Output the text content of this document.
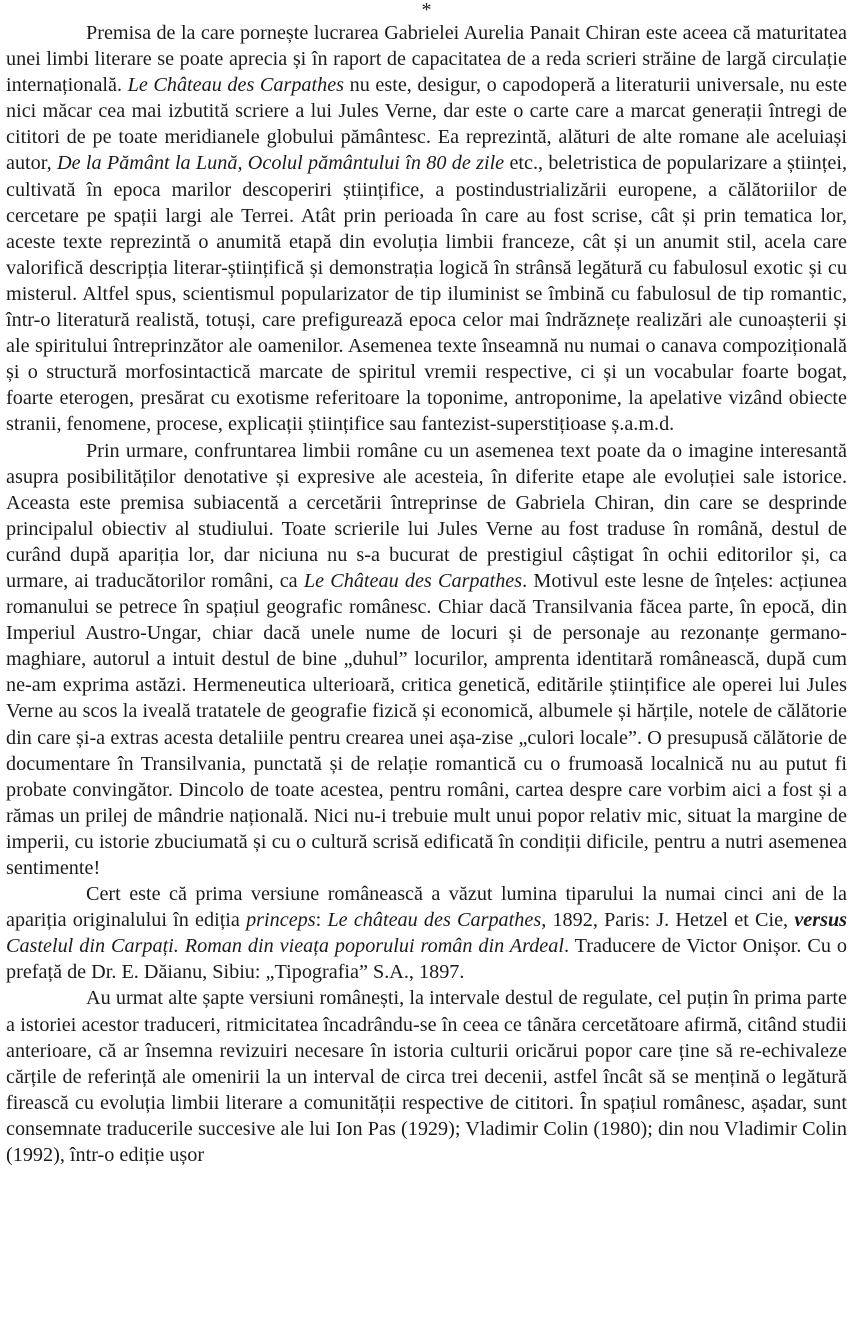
*

Premisa de la care pornește lucrarea Gabrielei Aurelia Panait Chiran este aceea că maturitatea unei limbi literare se poate aprecia și în raport de capacitatea de a reda scrieri străine de largă circulație internațională. Le Château des Carpathes nu este, desigur, o capodoperă a literaturii universale, nu este nici măcar cea mai izbutită scriere a lui Jules Verne, dar este o carte care a marcat generații întregi de cititori de pe toate meridianele globului pământesc. Ea reprezintă, alături de alte romane ale aceluiași autor, De la Pământ la Lună, Ocolul pământului în 80 de zile etc., beletristica de popularizare a științei, cultivată în epoca marilor descoperiri științifice, a postindustrializării europene, a călătoriilor de cercetare pe spații largi ale Terrei. Atât prin perioada în care au fost scrise, cât și prin tematica lor, aceste texte reprezintă o anumită etapă din evoluția limbii franceze, cât și un anumit stil, acela care valorifică descripția literar-științifică și demonstrația logică în strânsă legătură cu fabulosul exotic și cu misterul. Altfel spus, scientismul popularizator de tip iluminist se îmbină cu fabulosul de tip romantic, într-o literatură realistă, totuși, care prefigurează epoca celor mai îndrăznețe realizări ale cunoașterii și ale spiritului întreprinzător ale oamenilor. Asemenea texte înseamnă nu numai o canava compozițională și o structură morfosintactică marcate de spiritul vremii respective, ci și un vocabular foarte bogat, foarte eterogen, presărat cu exotisme referitoare la toponime, antroponime, la apelative vizând obiecte stranii, fenomene, procese, explicații științifice sau fantezist-superstițioase ș.a.m.d.

Prin urmare, confruntarea limbii române cu un asemenea text poate da o imagine interesantă asupra posibilităților denotative și expresive ale acesteia, în diferite etape ale evoluției sale istorice. Aceasta este premisa subiacentă a cercetării întreprinse de Gabriela Chiran, din care se desprinde principalul obiectiv al studiului. Toate scrierile lui Jules Verne au fost traduse în română, destul de curând după apariția lor, dar niciuna nu s-a bucurat de prestigiul câștigat în ochii editorilor și, ca urmare, ai traducătorilor români, ca Le Château des Carpathes. Motivul este lesne de înțeles: acțiunea romanului se petrece în spațiul geografic românesc. Chiar dacă Transilvania făcea parte, în epocă, din Imperiul Austro-Ungar, chiar dacă unele nume de locuri și de personaje au rezonanțe germano-maghiare, autorul a intuit destul de bine „duhul” locurilor, amprenta identitară românească, după cum ne-am exprima astăzi. Hermeneutica ulterioară, critica genetică, editările științifice ale operei lui Jules Verne au scos la iveală tratatele de geografie fizică și economică, albumele și hărțile, notele de călătorie din care și-a extras acesta detaliile pentru crearea unei așa-zise „culori locale”. O presupusă călătorie de documentare în Transilvania, punctată și de relație romantică cu o frumoasă localnică nu au putut fi probate convingător. Dincolo de toate acestea, pentru români, cartea despre care vorbim aici a fost și a rămas un prilej de mândrie națională. Nici nu-i trebuie mult unui popor relativ mic, situat la margine de imperii, cu istorie zbuciumată și cu o cultură scrisă edificată în condiții dificile, pentru a nutri asemenea sentimente!

Cert este că prima versiune românească a văzut lumina tiparului la numai cinci ani de la apariția originalului în ediția princeps: Le château des Carpathes, 1892, Paris: J. Hetzel et Cie, versus Castelul din Carpați. Roman din vieața poporului român din Ardeal. Traducere de Victor Onișor. Cu o prefață de Dr. E. Dăianu, Sibiu: „Tipografia” S.A., 1897.

Au urmat alte șapte versiuni românești, la intervale destul de regulate, cel puțin în prima parte a istoriei acestor traduceri, ritmicitatea încadrându-se în ceea ce tânăra cercetătoare afirmă, citând studii anterioare, că ar însemna revizuiri necesare în istoria culturii oricărui popor care ține să re-echivaleze cărțile de referință ale omenirii la un interval de circa trei decenii, astfel încât să se mențină o legătură firească cu evoluția limbii literare a comunității respective de cititori. În spațiul românesc, așadar, sunt consemnate traducerile succesive ale lui Ion Pas (1929); Vladimir Colin (1980); din nou Vladimir Colin (1992), într-o ediție ușor
